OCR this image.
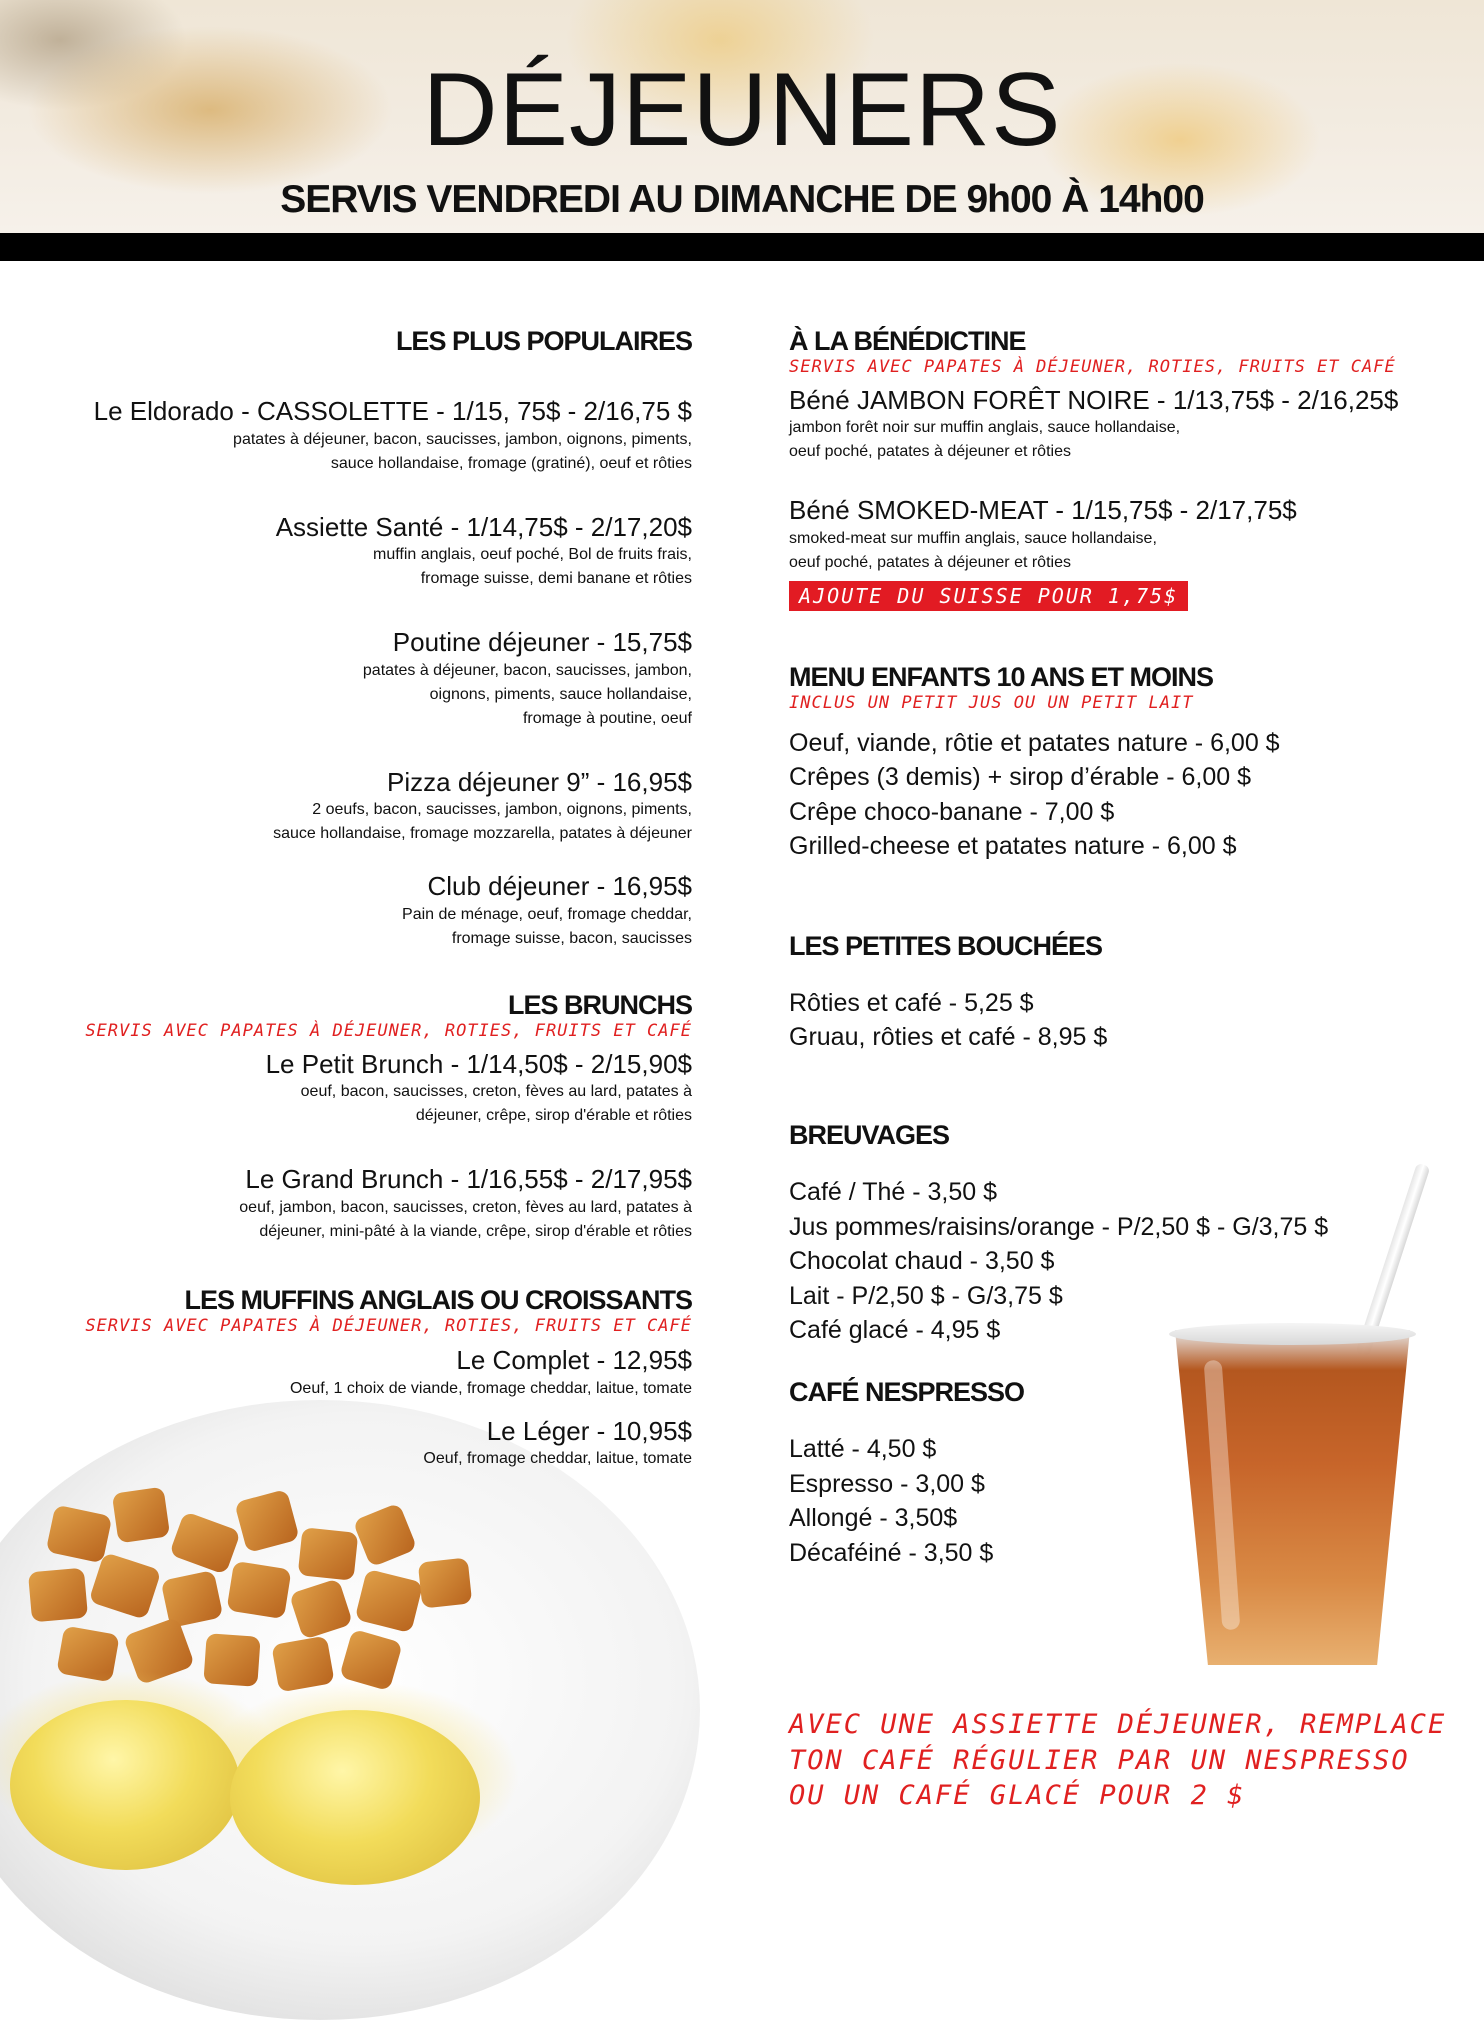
DÉJEUNERS
SERVIS VENDREDI AU DIMANCHE DE 9h00 À 14h00

LES PLUS POPULAIRES

Le Eldorado - CASSOLETTE - 1/15, 75$ - 2/16,75 $

patates à déjeuner, bacon, saucisses, jambon, oignons, piments,

sauce hollandaise, fromage (gratiné), oeuf et rôties

Assiette Santé - 1/14,75$ - 2/17,20$

muffin anglais, oeuf poché, Bol de fruits frais,

fromage suisse, demi banane et rôties

Poutine déjeuner - 15,75$

patates à déjeuner, bacon, saucisses, jambon,

oignons, piments, sauce hollandaise,

fromage à poutine, oeuf

Pizza déjeuner 9” - 16,95$

2 oeufs, bacon, saucisses, jambon, oignons, piments,

sauce hollandaise, fromage mozzarella, patates à déjeuner

Club déjeuner - 16,95$

Pain de ménage, oeuf, fromage cheddar,

fromage suisse, bacon, saucisses

LES BRUNCHS

SERVIS AVEC PAPATES À DÉJEUNER, ROTIES, FRUITS ET CAFÉ

Le Petit Brunch - 1/14,50$ - 2/15,90$

oeuf, bacon, saucisses, creton, fèves au lard, patates à

déjeuner, crêpe, sirop d'érable et rôties

Le Grand Brunch - 1/16,55$ - 2/17,95$

oeuf, jambon, bacon, saucisses, creton, fèves au lard, patates à

déjeuner, mini-pâté à la viande, crêpe, sirop d'érable et rôties

LES MUFFINS ANGLAIS OU CROISSANTS

SERVIS AVEC PAPATES À DÉJEUNER, ROTIES, FRUITS ET CAFÉ

Le Complet - 12,95$

Oeuf, 1 choix de viande, fromage cheddar, laitue, tomate

Le Léger - 10,95$

Oeuf, fromage cheddar, laitue, tomate

À LA BÉNÉDICTINE

SERVIS AVEC PAPATES À DÉJEUNER, ROTIES, FRUITS ET CAFÉ

Béné JAMBON FORÊT NOIRE - 1/13,75$ - 2/16,25$

jambon forêt noir sur muffin anglais, sauce hollandaise,

oeuf poché, patates à déjeuner et rôties

Béné SMOKED-MEAT - 1/15,75$ - 2/17,75$

smoked-meat sur muffin anglais, sauce hollandaise,

oeuf poché, patates à déjeuner et rôties

AJOUTE DU SUISSE POUR 1,75$

MENU ENFANTS 10 ANS ET MOINS

INCLUS UN PETIT JUS OU UN PETIT LAIT

Oeuf, viande, rôtie et patates nature - 6,00 $

Crêpes (3 demis) + sirop d’érable - 6,00 $

Crêpe choco-banane - 7,00 $

Grilled-cheese et patates nature - 6,00 $

LES PETITES BOUCHÉES

Rôties et café - 5,25 $

Gruau, rôties et café - 8,95 $

BREUVAGES

Café / Thé - 3,50 $

Jus pommes/raisins/orange - P/2,50 $ - G/3,75 $

Chocolat chaud - 3,50 $

Lait - P/2,50 $ - G/3,75 $

Café glacé - 4,95 $

CAFÉ NESPRESSO

Latté - 4,50 $

Espresso - 3,00 $

Allongé - 3,50$

Décaféiné - 3,50 $

AVEC UNE ASSIETTE DÉJEUNER, REMPLACE
TON CAFÉ RÉGULIER PAR UN NESPRESSO
OU UN CAFÉ GLACÉ POUR 2 $
